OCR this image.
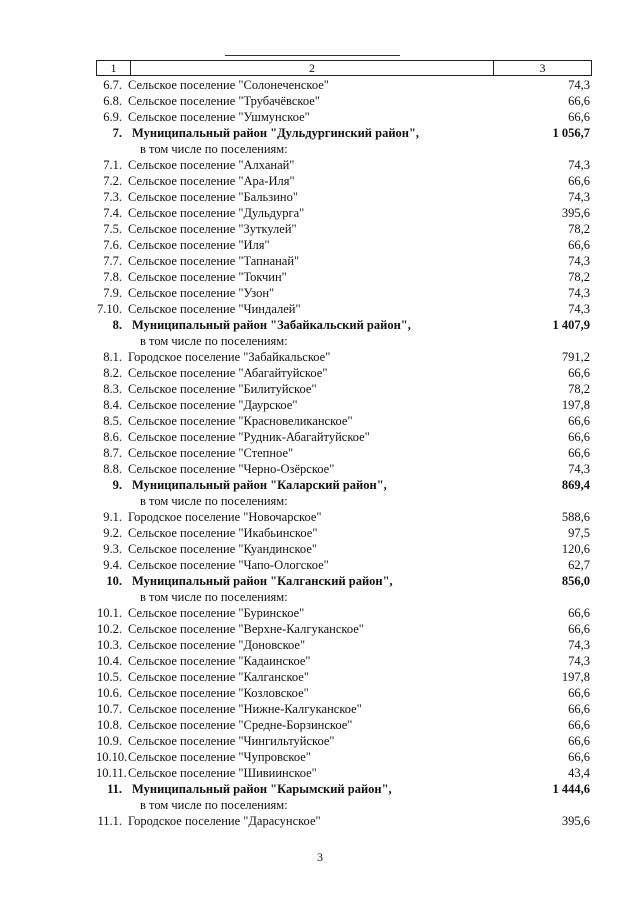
1	2	3
6.7. Сельское поселение "Солонеченское"	74,3
6.8. Сельское поселение "Трубачёвское"	66,6
6.9. Сельское поселение "Ушмунское"	66,6
7. Муниципальный район "Дульдургинский район",	1 056,7
в том числе по поселениям:
7.1. Сельское поселение "Алханай"	74,3
7.2. Сельское поселение "Ара-Иля"	66,6
7.3. Сельское поселение "Бальзино"	74,3
7.4. Сельское поселение "Дульдурга"	395,6
7.5. Сельское поселение "Зуткулей"	78,2
7.6. Сельское поселение "Иля"	66,6
7.7. Сельское поселение "Тапнанай"	74,3
7.8. Сельское поселение "Токчин"	78,2
7.9. Сельское поселение "Узон"	74,3
7.10. Сельское поселение "Чиндалей"	74,3
8. Муниципальный район "Забайкальский район",	1 407,9
в том числе по поселениям:
8.1. Городское поселение "Забайкальское"	791,2
8.2. Сельское поселение "Абагайтуйское"	66,6
8.3. Сельское поселение "Билитуйское"	78,2
8.4. Сельское поселение "Даурское"	197,8
8.5. Сельское поселение "Красновеликанское"	66,6
8.6. Сельское поселение "Рудник-Абагайтуйское"	66,6
8.7. Сельское поселение "Степное"	66,6
8.8. Сельское поселение "Черно-Озёрское"	74,3
9. Муниципальный район "Каларский район",	869,4
в том числе по поселениям:
9.1. Городское поселение "Новочарское"	588,6
9.2. Сельское поселение "Икабьинское"	97,5
9.3. Сельское поселение "Куандинское"	120,6
9.4. Сельское поселение "Чапо-Ологское"	62,7
10. Муниципальный район "Калганский район",	856,0
в том числе по поселениям:
10.1. Сельское поселение "Буринское"	66,6
10.2. Сельское поселение "Верхне-Калгуканское"	66,6
10.3. Сельское поселение "Доновское"	74,3
10.4. Сельское поселение "Кадаинское"	74,3
10.5. Сельское поселение "Калганское"	197,8
10.6. Сельское поселение "Козловское"	66,6
10.7. Сельское поселение "Нижне-Калгуканское"	66,6
10.8. Сельское поселение "Средне-Борзинское"	66,6
10.9. Сельское поселение "Чингильтуйское"	66,6
10.10. Сельское поселение "Чупровское"	66,6
10.11. Сельское поселение "Шивиинское"	43,4
11. Муниципальный район "Карымский район",	1 444,6
в том числе по поселениям:
11.1. Городское поселение "Дарасунское"	395,6
3
